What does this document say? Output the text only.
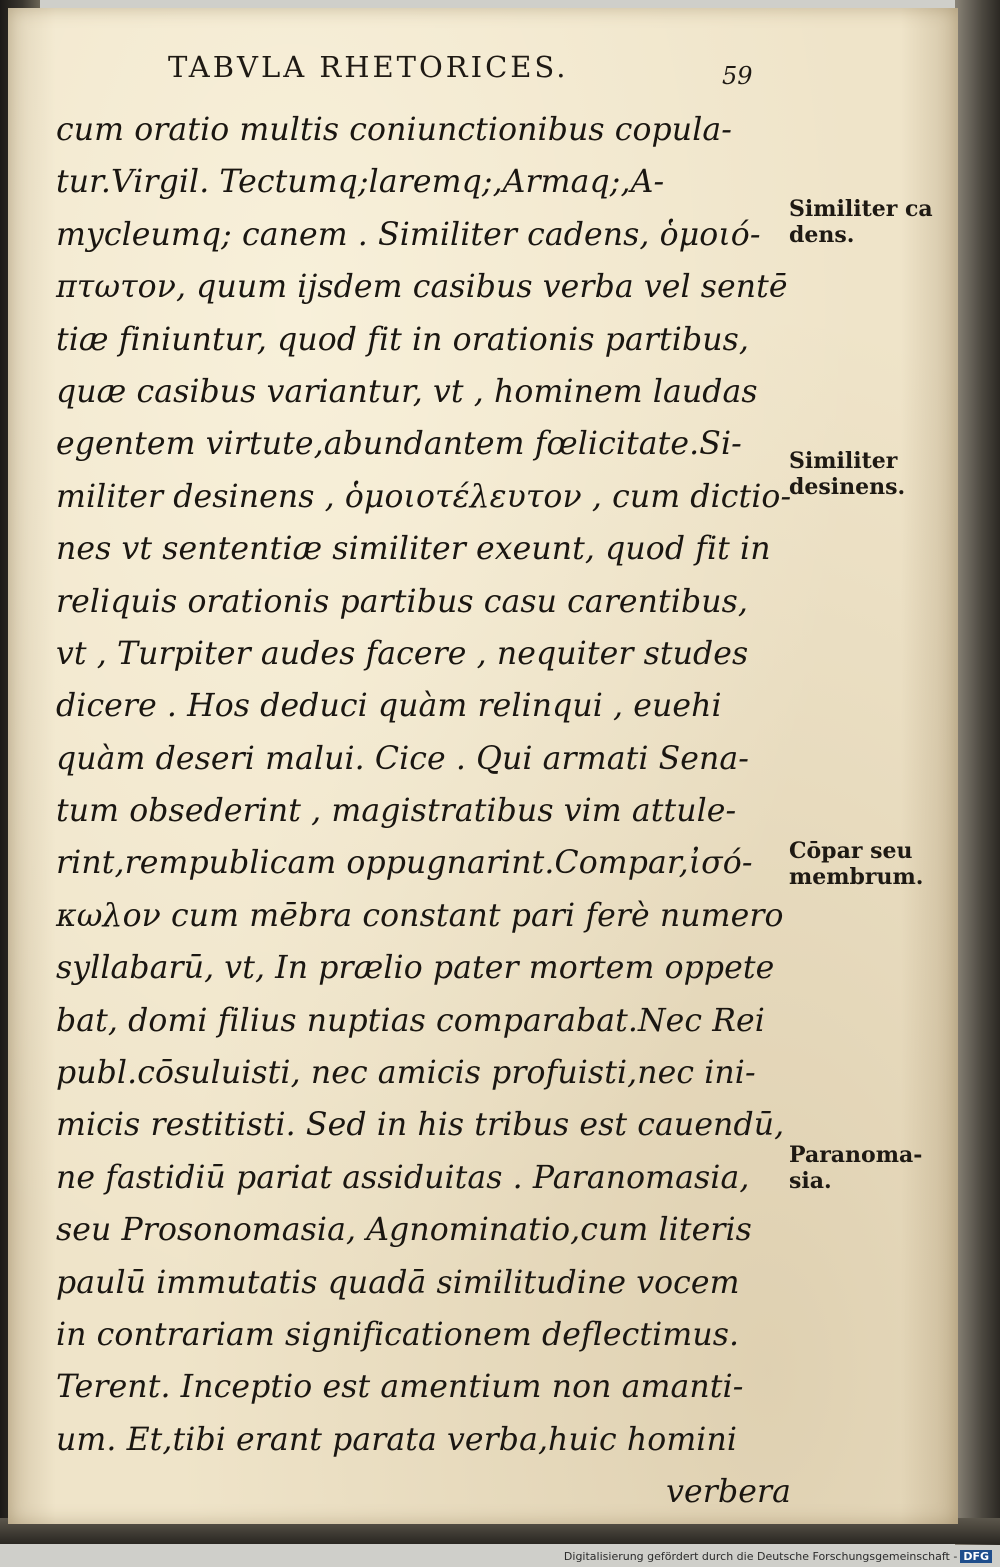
TABVLA RHETORICES.	59
cum oratio multis coniunctionibus copula-
tur.Virgil. Tectumq;laremq;,Armaq;,A-
mycleumq; canem . Similiter cadens, ὁμοιό-
πτωτον, quum ijsdem casibus verba vel sentē
tiæ finiuntur, quod fit in orationis partibus,
quæ casibus variantur, vt , hominem laudas
egentem virtute,abundantem fœlicitate.Si-
militer desinens , ὁμοιοτέλευτον , cum dictio-
nes vt sententiæ similiter exeunt, quod fit in
reliquis orationis partibus casu carentibus,
vt , Turpiter audes facere , nequiter studes
dicere . Hos deduci quàm relinqui , euehi
quàm deseri malui. Cice . Qui armati Sena-
tum obsederint , magistratibus vim attule-
rint,rempublicam oppugnarint.Compar,ἰσό-
κωλον cum mēbra constant pari ferè numero
syllabarū, vt, In prælio pater mortem oppete
bat, domi filius nuptias comparabat.Nec Rei
publ.cōsuluisti, nec amicis profuisti,nec ini-
micis restitisti. Sed in his tribus est cauendū,
ne fastidiū pariat assiduitas . Paranomasia,
seu Prosonomasia, Agnominatio,cum literis
paulū immutatis quadā similitudine vocem
in contrariam significationem deflectimus.
Terent. Inceptio est amentium non amanti-
um. Et,tibi erant parata verba,huic homini
verbera
Similiter ca dens.
Similiter desinens.
Cōpar seu membrum.
Paranoma- sia.
Digitalisierung gefördert durch die Deutsche Forschungsgemeinschaft - DFG
